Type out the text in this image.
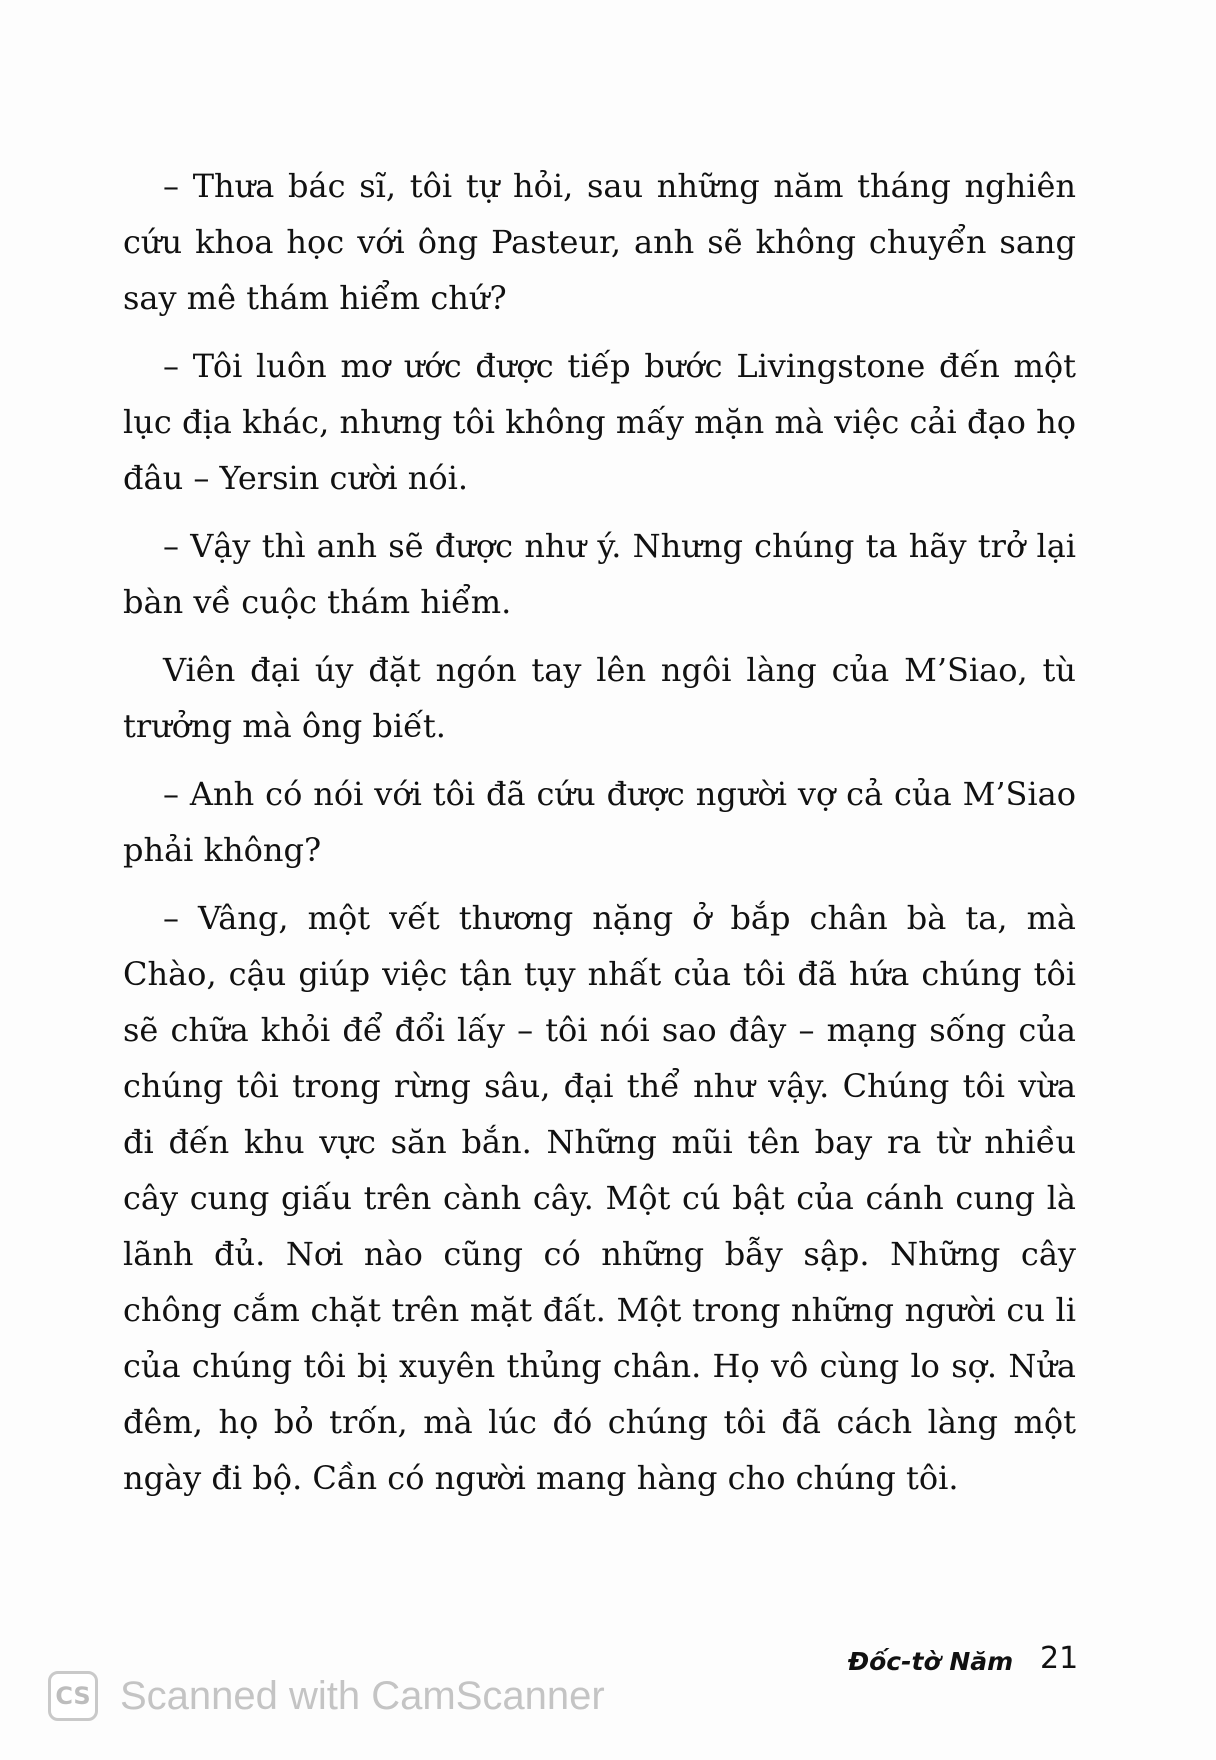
– Thưa bác sĩ, tôi tự hỏi, sau những năm tháng nghiên cứu khoa học với ông Pasteur, anh sẽ không chuyển sang say mê thám hiểm chứ?

– Tôi luôn mơ ước được tiếp bước Livingstone đến một lục địa khác, nhưng tôi không mấy mặn mà việc cải đạo họ đâu – Yersin cười nói.

– Vậy thì anh sẽ được như ý. Nhưng chúng ta hãy trở lại bàn về cuộc thám hiểm.

Viên đại úy đặt ngón tay lên ngôi làng của M’Siao, tù trưởng mà ông biết.

– Anh có nói với tôi đã cứu được người vợ cả của M’Siao phải không?

– Vâng, một vết thương nặng ở bắp chân bà ta, mà Chào, cậu giúp việc tận tụy nhất của tôi đã hứa chúng tôi sẽ chữa khỏi để đổi lấy – tôi nói sao đây – mạng sống của chúng tôi trong rừng sâu, đại thể như vậy. Chúng tôi vừa đi đến khu vực săn bắn. Những mũi tên bay ra từ nhiều cây cung giấu trên cành cây. Một cú bật của cánh cung là lãnh đủ. Nơi nào cũng có những bẫy sập. Những cây chông cắm chặt trên mặt đất. Một trong những người cu li của chúng tôi bị xuyên thủng chân. Họ vô cùng lo sợ. Nửa đêm, họ bỏ trốn, mà lúc đó chúng tôi đã cách làng một ngày đi bộ. Cần có người mang hàng cho chúng tôi.

Đốc-tờ Năm 21
CS Scanned with CamScanner
